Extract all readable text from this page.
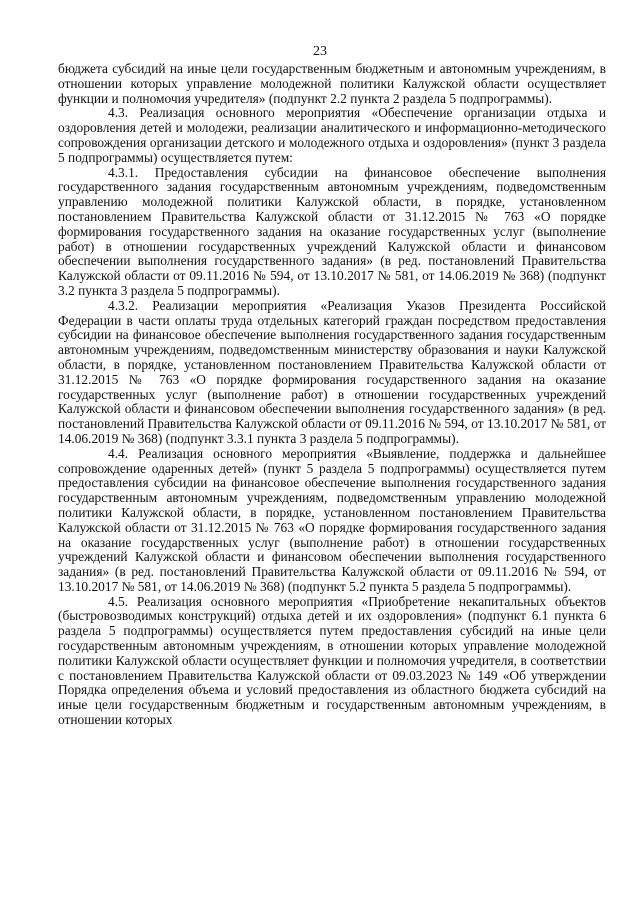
23

бюджета субсидий на иные цели государственным бюджетным и автономным учреждениям, в отношении которых управление молодежной политики Калужской области осуществляет функции и полномочия учредителя» (подпункт 2.2 пункта 2 раздела 5 подпрограммы).

4.3. Реализация основного мероприятия «Обеспечение организации отдыха и оздоровления детей и молодежи, реализации аналитического и информационно-методического сопровождения организации детского и молодежного отдыха и оздоровления» (пункт 3 раздела 5 подпрограммы) осуществляется путем:

4.3.1. Предоставления субсидии на финансовое обеспечение выполнения государственного задания государственным автономным учреждениям, подведомственным управлению молодежной политики Калужской области, в порядке, установленном постановлением Правительства Калужской области от 31.12.2015 № 763 «О порядке формирования государственного задания на оказание государственных услуг (выполнение работ) в отношении государственных учреждений Калужской области и финансовом обеспечении выполнения государственного задания» (в ред. постановлений Правительства Калужской области от 09.11.2016 № 594, от 13.10.2017 № 581, от 14.06.2019 № 368) (подпункт 3.2 пункта 3 раздела 5 подпрограммы).

4.3.2. Реализации мероприятия «Реализация Указов Президента Российской Федерации в части оплаты труда отдельных категорий граждан посредством предоставления субсидии на финансовое обеспечение выполнения государственного задания государственным автономным учреждениям, подведомственным министерству образования и науки Калужской области, в порядке, установленном постановлением Правительства Калужской области от 31.12.2015 № 763 «О порядке формирования государственного задания на оказание государственных услуг (выполнение работ) в отношении государственных учреждений Калужской области и финансовом обеспечении выполнения государственного задания» (в ред. постановлений Правительства Калужской области от 09.11.2016 № 594, от 13.10.2017 № 581, от 14.06.2019 № 368) (подпункт 3.3.1 пункта 3 раздела 5 подпрограммы).

4.4. Реализация основного мероприятия «Выявление, поддержка и дальнейшее сопровождение одаренных детей» (пункт 5 раздела 5 подпрограммы) осуществляется путем предоставления субсидии на финансовое обеспечение выполнения государственного задания государственным автономным учреждениям, подведомственным управлению молодежной политики Калужской области, в порядке, установленном постановлением Правительства Калужской области от 31.12.2015 № 763 «О порядке формирования государственного задания на оказание государственных услуг (выполнение работ) в отношении государственных учреждений Калужской области и финансовом обеспечении выполнения государственного задания» (в ред. постановлений Правительства Калужской области от 09.11.2016 № 594, от 13.10.2017 № 581, от 14.06.2019 № 368) (подпункт 5.2 пункта 5 раздела 5 подпрограммы).

4.5. Реализация основного мероприятия «Приобретение некапитальных объектов (быстровозводимых конструкций) отдыха детей и их оздоровления» (подпункт 6.1 пункта 6 раздела 5 подпрограммы) осуществляется путем предоставления субсидий на иные цели государственным автономным учреждениям, в отношении которых управление молодежной политики Калужской области осуществляет функции и полномочия учредителя, в соответствии с постановлением Правительства Калужской области от 09.03.2023 № 149 «Об утверждении Порядка определения объема и условий предоставления из областного бюджета субсидий на иные цели государственным бюджетным и государственным автономным учреждениям, в отношении которых
